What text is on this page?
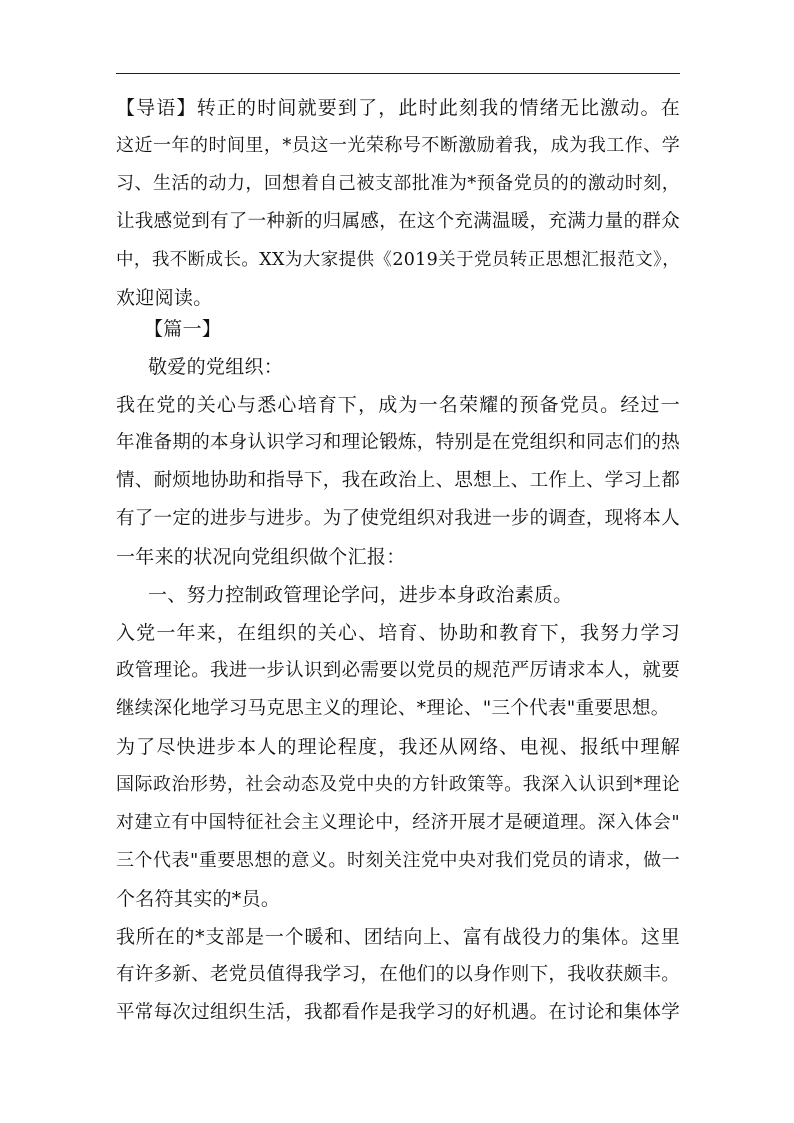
【导语】转正的时间就要到了，此时此刻我的情绪无比激动。在
这近一年的时间里，*员这一光荣称号不断激励着我，成为我工作、学
习、生活的动力，回想着自己被支部批准为*预备党员的的激动时刻，
让我感觉到有了一种新的归属感，在这个充满温暖，充满力量的群众
中，我不断成长。XX为大家提供《2019关于党员转正思想汇报范文》，
欢迎阅读。
【篇一】
敬爱的党组织：
我在党的关心与悉心培育下，成为一名荣耀的预备党员。经过一
年准备期的本身认识学习和理论锻炼，特别是在党组织和同志们的热
情、耐烦地协助和指导下，我在政治上、思想上、工作上、学习上都
有了一定的进步与进步。为了使党组织对我进一步的调查，现将本人
一年来的状况向党组织做个汇报：
一、努力控制政管理论学问，进步本身政治素质。
入党一年来，在组织的关心、培育、协助和教育下，我努力学习
政管理论。我进一步认识到必需要以党员的规范严厉请求本人，就要
继续深化地学习马克思主义的理论、*理论、"三个代表"重要思想。
为了尽快进步本人的理论程度，我还从网络、电视、报纸中理解
国际政治形势，社会动态及党中央的方针政策等。我深入认识到*理论
对建立有中国特征社会主义理论中，经济开展才是硬道理。深入体会"
三个代表"重要思想的意义。时刻关注党中央对我们党员的请求，做一
个名符其实的*员。
我所在的*支部是一个暖和、团结向上、富有战役力的集体。这里
有许多新、老党员值得我学习，在他们的以身作则下，我收获颇丰。
平常每次过组织生活，我都看作是我学习的好机遇。在讨论和集体学
